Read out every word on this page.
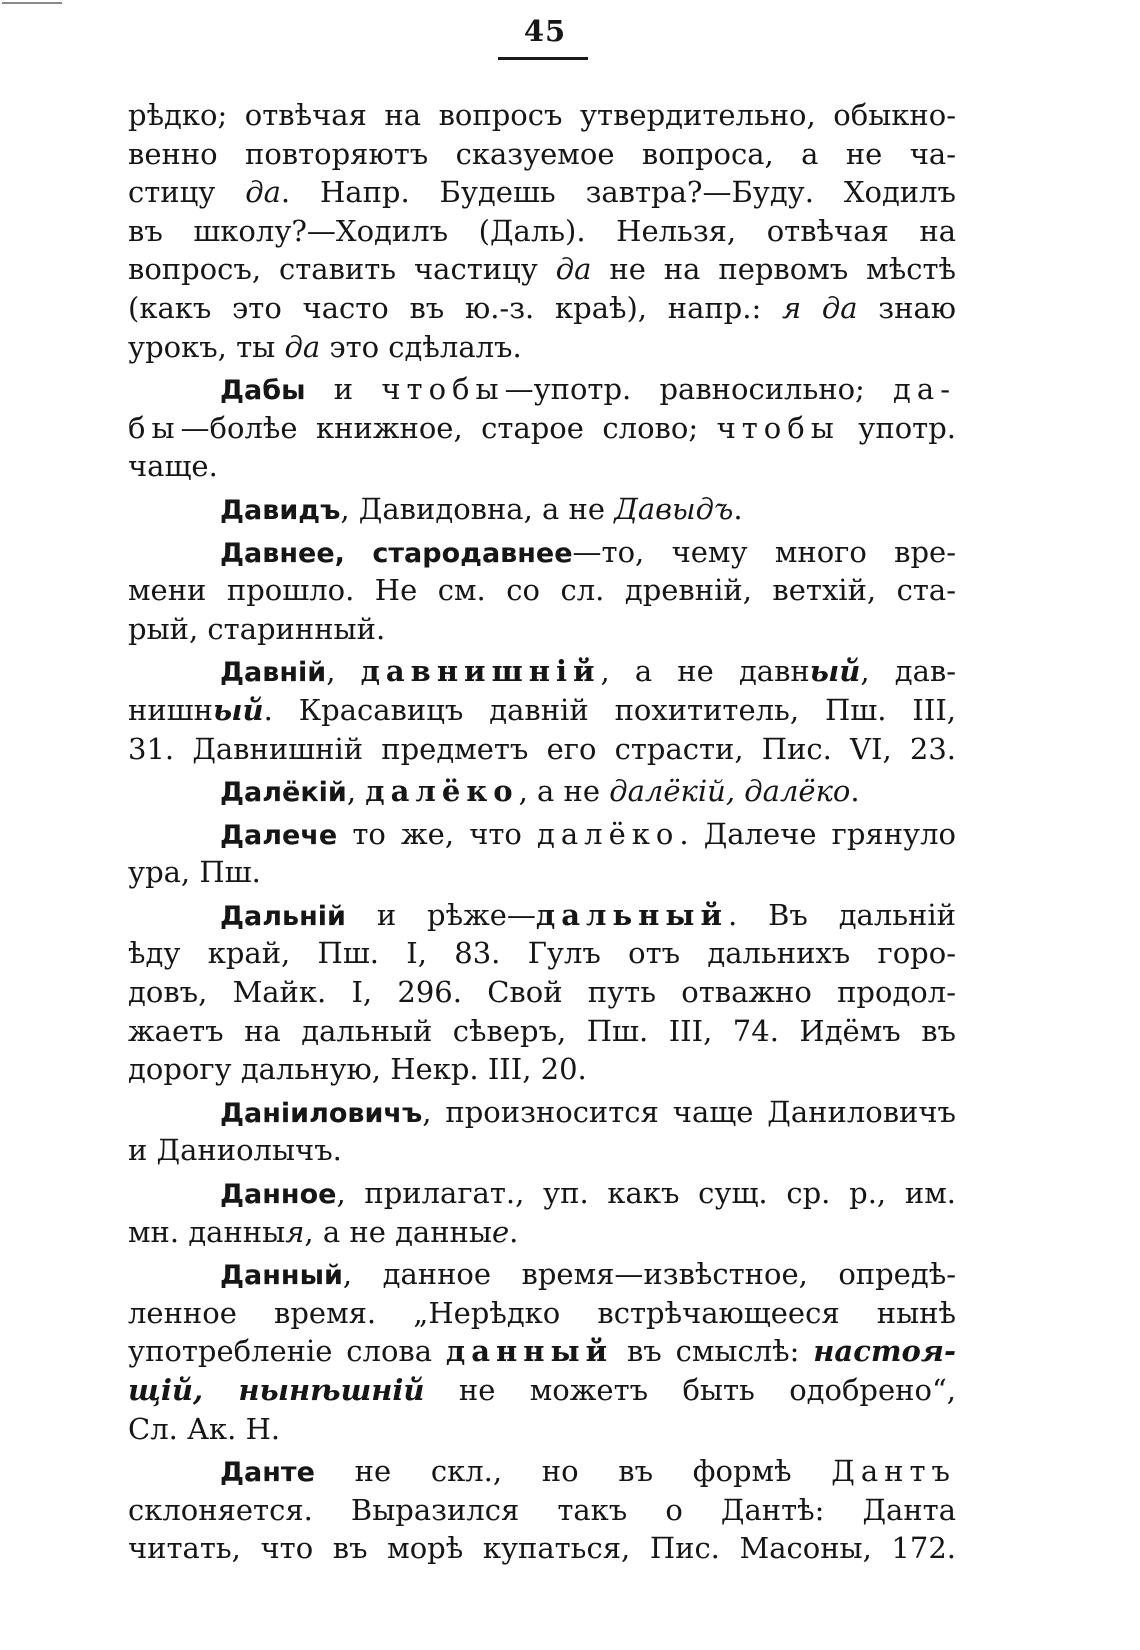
45
рѣдко; отвѣчая на вопросъ утвердительно, обыкно-
венно повторяютъ сказуемое вопроса, а не ча-
стицу да. Напр. Будешь завтра?—Буду. Ходилъ
въ школу?—Ходилъ (Даль). Нельзя, отвѣчая на
вопросъ, ставить частицу да не на первомъ мѣстѣ
(какъ это часто въ ю.-з. краѣ), напр.: я да знаю
урокъ, ты да это сдѣлалъ.
Дабы и чтобы—употр. равносильно; да-
бы—болѣе книжное, старое слово; чтобы употр.
чаще.
Давидъ, Давидовна, а не Давыдъ.
Давнее, стародавнее—то, чему много вре-
мени прошло. Не см. со сл. древній, ветхій, ста-
рый, старинный.
Давній, давнишній, а не давный, дав-
нишный. Красавицъ давній похититель, Пш. III,
31. Давнишній предметъ его страсти, Пис. VI, 23.
Далёкій, далёко, а не далёкій, далёко.
Далече то же, что далёко. Далече грянуло
ура, Пш.
Дальній и рѣже—дальный. Въ дальній
ѣду край, Пш. I, 83. Гулъ отъ дальнихъ горо-
довъ, Майк. I, 296. Свой путь отважно продол-
жаетъ на дальный сѣверъ, Пш. III, 74. Идёмъ въ
дорогу дальную, Некр. III, 20.
Даніиловичъ, произносится чаще Даниловичъ
и Даниолычъ.
Данное, прилагат., уп. какъ сущ. ср. р., им.
мн. данныя, а не данные.
Данный, данное время—извѣстное, опредѣ-
ленное время. „Нерѣдко встрѣчающееся нынѣ
употребленіе слова данный въ смыслѣ: настоя-
щій, нынѣшній не можетъ быть одобрено“,
Сл. Ак. Н.
Данте не скл., но въ формѣ Дантъ
склоняется. Выразился такъ о Дантѣ: Данта
читать, что въ морѣ купаться, Пис. Масоны, 172.
